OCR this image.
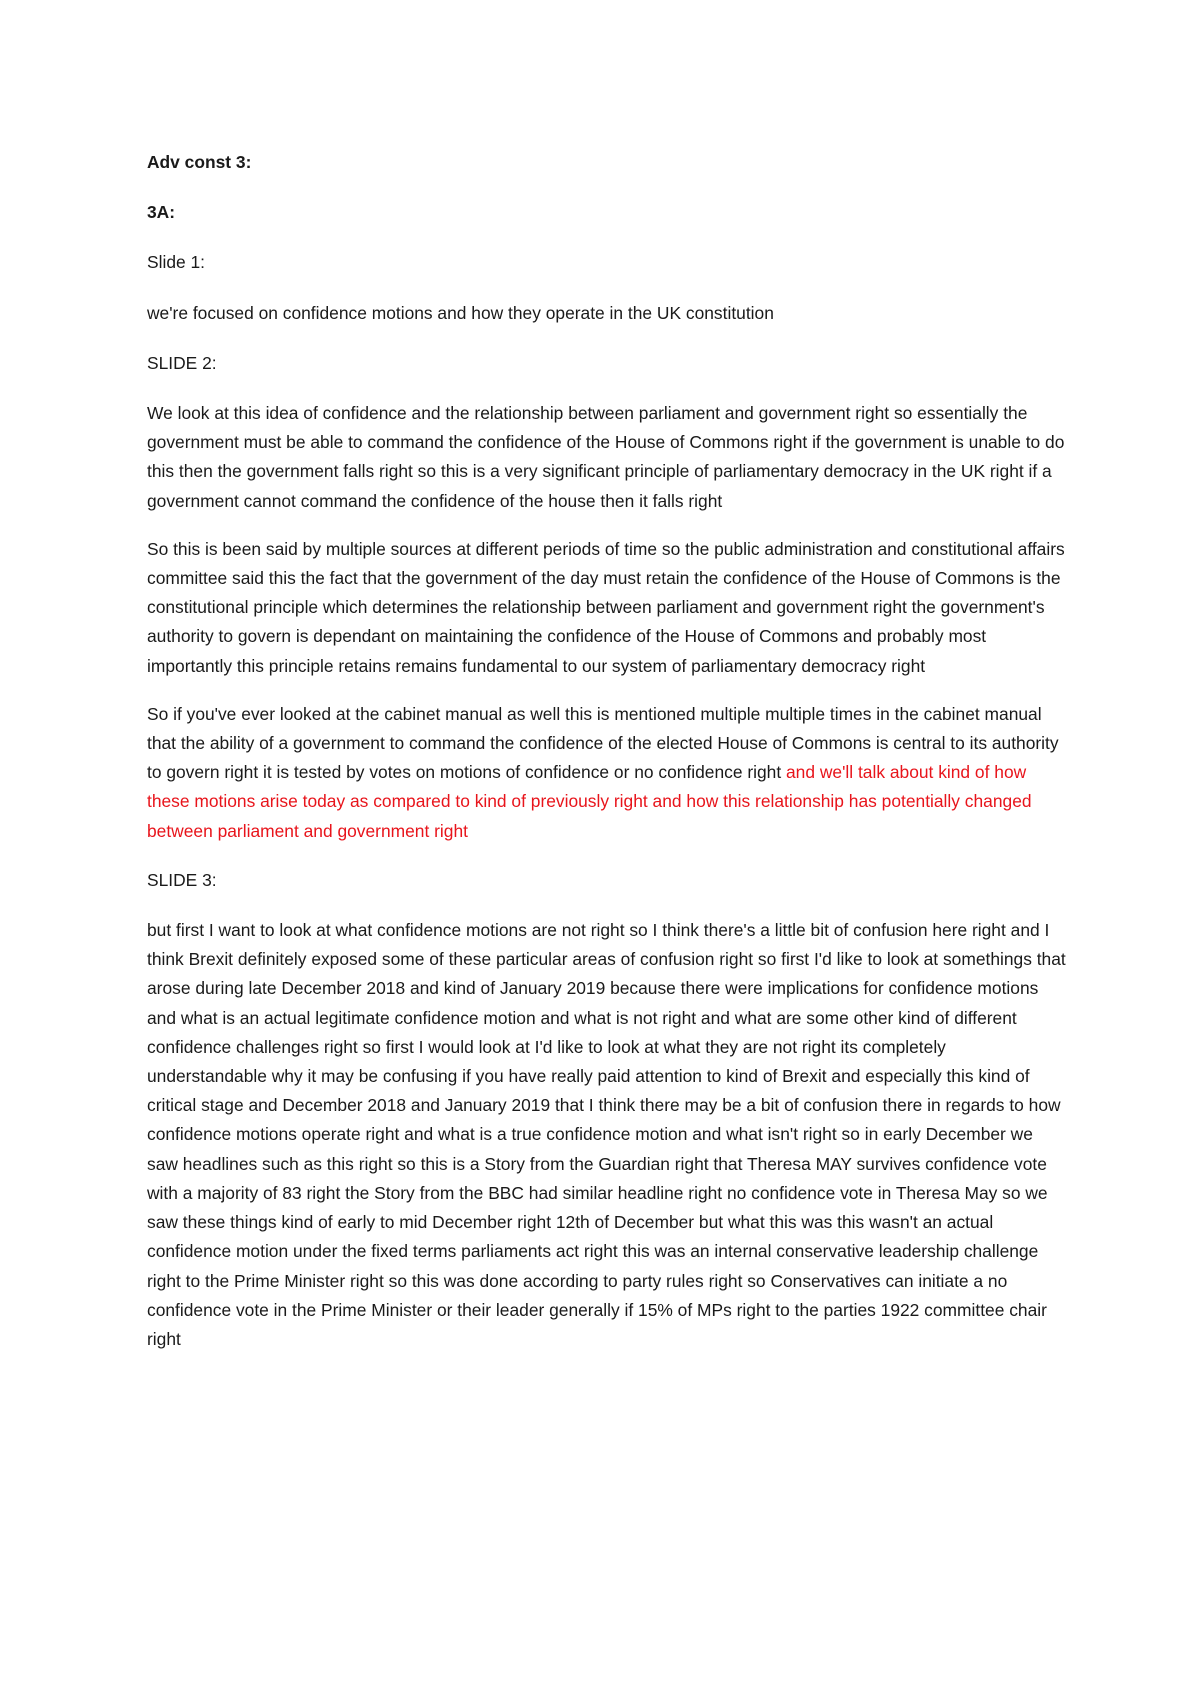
Adv const 3:

3A:

Slide 1:

we're focused on confidence motions and how they operate in the UK constitution

SLIDE 2:

We look at this idea of confidence and the relationship between parliament and government right so essentially the government must be able to command the confidence of the House of Commons right if the government is unable to do this then the government falls right so this is a very significant principle of parliamentary democracy in the UK right if a government cannot command the confidence of the house then it falls right

So this is been said by multiple sources at different periods of time so the public administration and constitutional affairs committee said this the fact that the government of the day must retain the confidence of the House of Commons is the constitutional principle which determines the relationship between parliament and government right the government's authority to govern is dependant on maintaining the confidence of the House of Commons and probably most importantly this principle retains remains fundamental to our system of parliamentary democracy right

So if you've ever looked at the cabinet manual as well this is mentioned multiple multiple times in the cabinet manual that the ability of a government to command the confidence of the elected House of Commons is central to its authority to govern right it is tested by votes on motions of confidence or no confidence right and we'll talk about kind of how these motions arise today as compared to kind of previously right and how this relationship has potentially changed between parliament and government right

SLIDE 3:

but first I want to look at what confidence motions are not right so I think there's a little bit of confusion here right and I think Brexit definitely exposed some of these particular areas of confusion right so first I'd like to look at somethings that arose during late December 2018 and kind of January 2019 because there were implications for confidence motions and what is an actual legitimate confidence motion and what is not right and what are some other kind of different confidence challenges right so first I would look at I'd like to look at what they are not right its completely understandable why it may be confusing if you have really paid attention to kind of Brexit and especially this kind of critical stage and December 2018 and January 2019 that I think there may be a bit of confusion there in regards to how confidence motions operate right and what is a true confidence motion and what isn't right so in early December we saw headlines such as this right so this is a Story from the Guardian right that Theresa MAY survives confidence vote with a majority of 83 right the Story from the BBC had similar headline right no confidence vote in Theresa May so we saw these things kind of early to mid December right 12th of December but what this was this wasn't an actual confidence motion under the fixed terms parliaments act right this was an internal conservative leadership challenge right to the Prime Minister right so this was done according to party rules right so Conservatives can initiate a no confidence vote in the Prime Minister or their leader generally if 15% of MPs right to the parties 1922 committee chair right
